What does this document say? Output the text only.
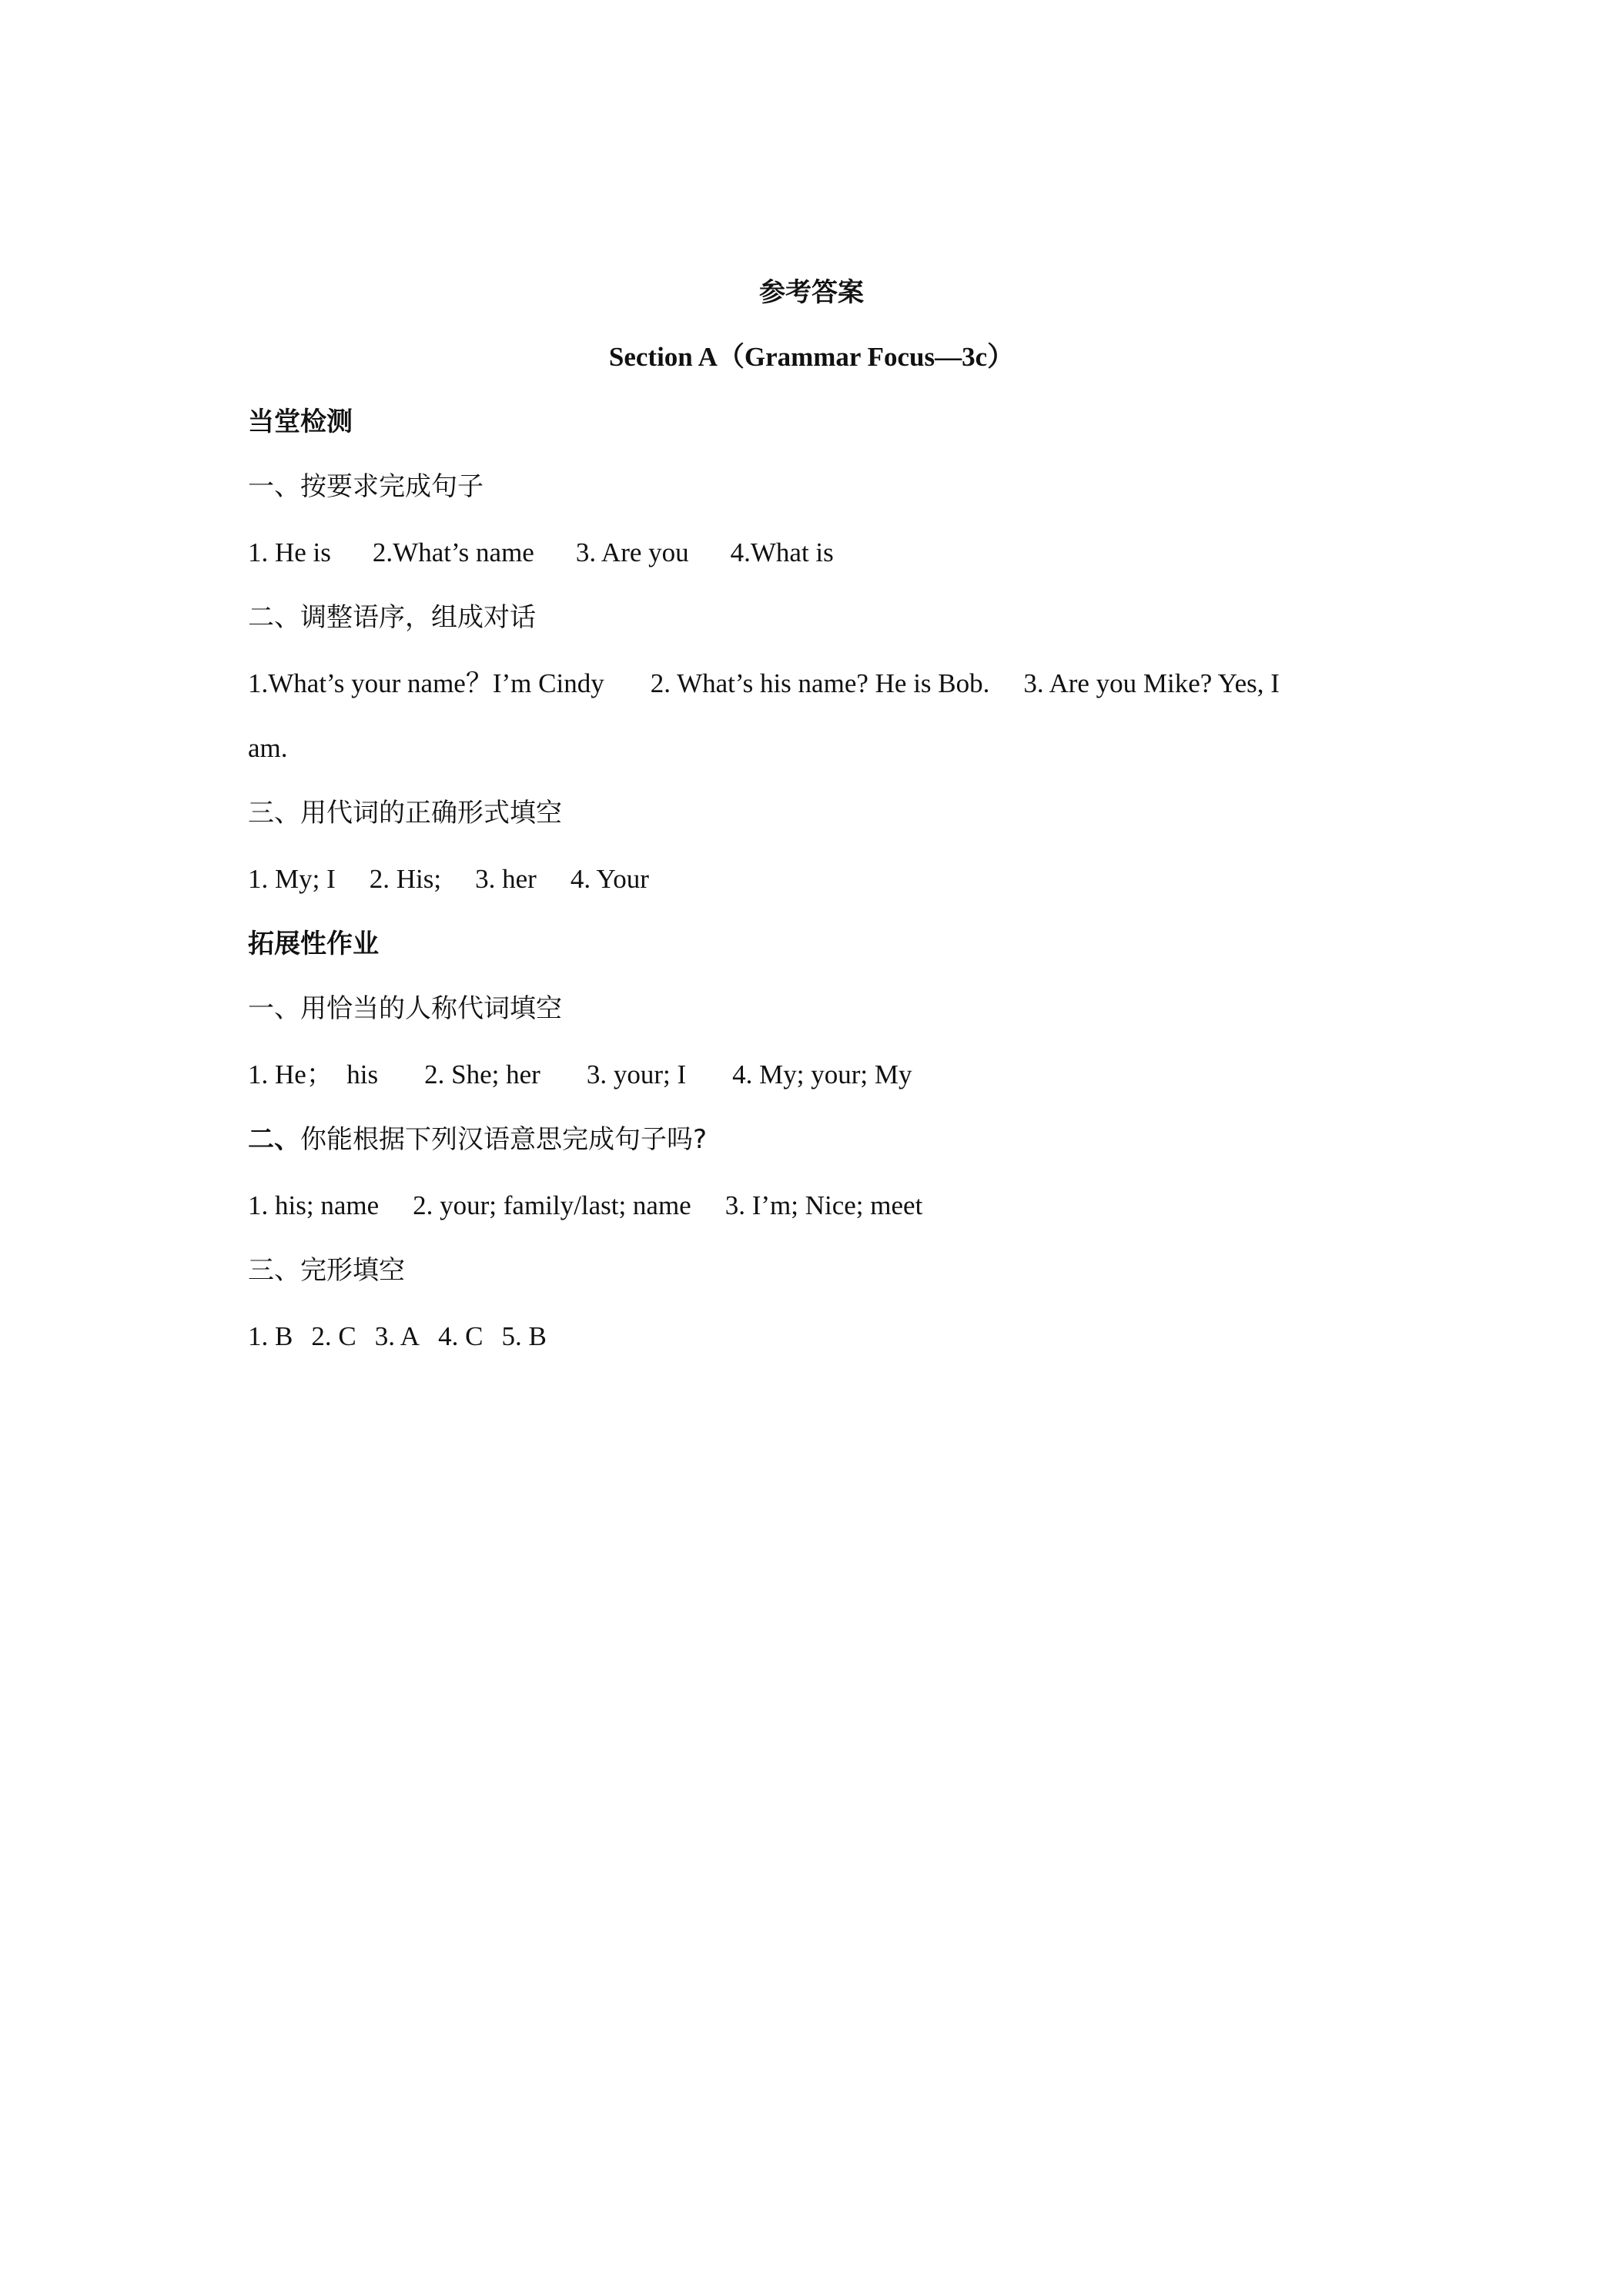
参考答案
Section A（Grammar Focus—3c）
当堂检测
一、按要求完成句子
1. He is 2.What’s name 3. Are you 4.What is
二、调整语序，组成对话
1.What’s your name？I’m Cindy 2. What’s his name? He is Bob. 3. Are you Mike? Yes, I
am.
三、用代词的正确形式填空
1. My; I 2. His; 3. her 4. Your
拓展性作业
一、用恰当的人称代词填空
1. He；  his 2. She; her 3. your; I 4. My; your; My
二、你能根据下列汉语意思完成句子吗?
1. his; name 2. your; family/last; name 3. I’m; Nice; meet
三、完形填空
1. B 2. C 3. A 4. C 5. B
